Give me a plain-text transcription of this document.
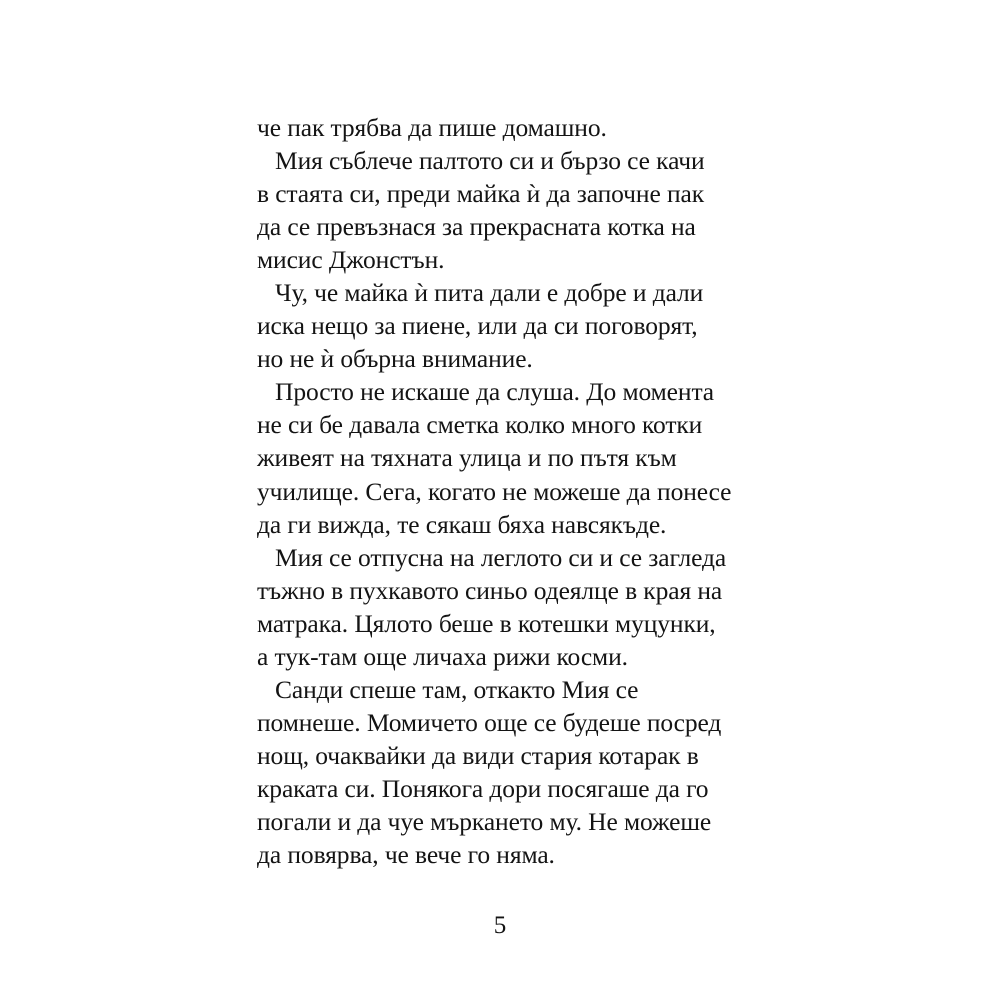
че пак трябва да пише домашно.
Мия съблече палтото си и бързо се качи
в стаята си, преди майка ѝ да започне пак
да се превъзнася за прекрасната котка на
мисис Джонстън.
Чу, че майка ѝ пита дали е добре и дали
иска нещо за пиене, или да си поговорят,
но не ѝ обърна внимание.
Просто не искаше да слуша. До момента
не си бе давала сметка колко много котки
живеят на тяхната улица и по пътя към
училище. Сега, когато не можеше да понесе
да ги вижда, те сякаш бяха навсякъде.
Мия се отпусна на леглото си и се загледа
тъжно в пухкавото синьо одеялце в края на
матрака. Цялото беше в котешки муцунки,
а тук-там още личаха рижи косми.
Санди спеше там, откакто Мия се
помнеше. Момичето още се будеше посред
нощ, очаквайки да види стария котарак в
краката си. Понякога дори посягаше да го
погали и да чуе мъркането му. Не можеше
да повярва, че вече го няма.
5
